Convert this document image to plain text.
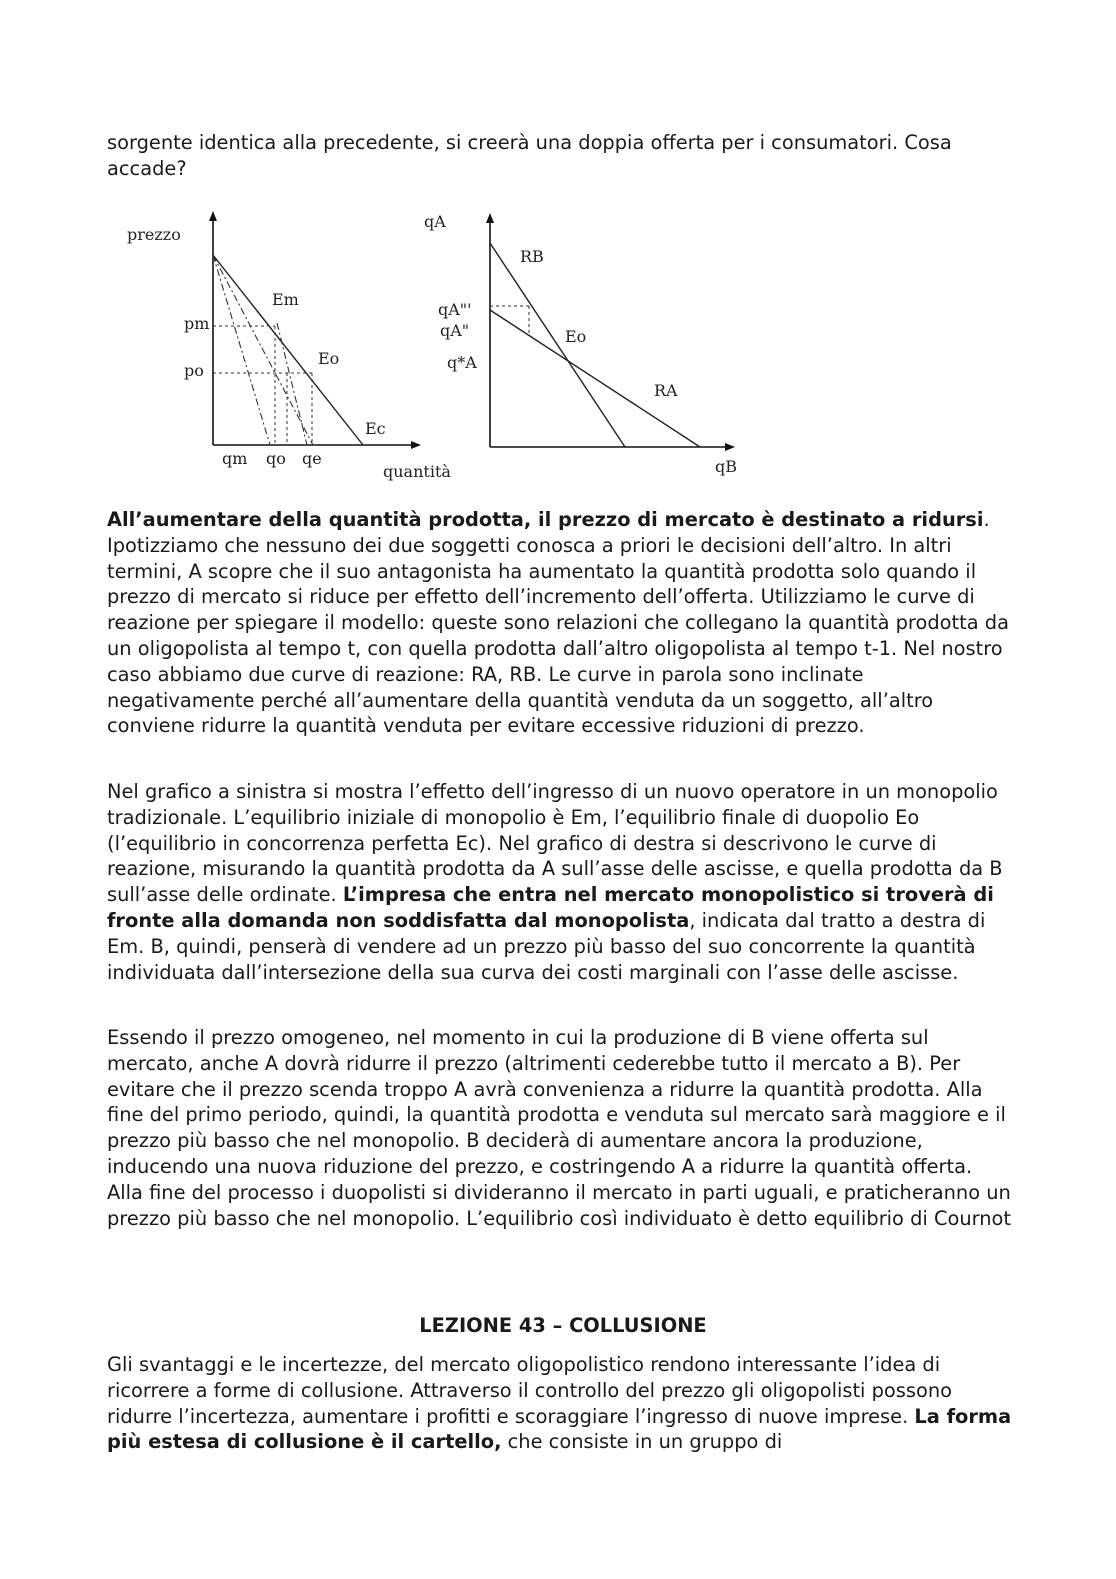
sorgente identica alla precedente, si creerà una doppia offerta per i consumatori. Cosa accade?

prezzo
quantità
pm
po
qm qo qe
Em
Eo
Ec
qA
qB
qA"'
qA"
q*A
RB
Eo
RA

All’aumentare della quantità prodotta, il prezzo di mercato è destinato a ridursi. Ipotizziamo che nessuno dei due soggetti conosca a priori le decisioni dell’altro. In altri termini, A scopre che il suo antagonista ha aumentato la quantità prodotta solo quando il prezzo di mercato si riduce per effetto dell’incremento dell’offerta. Utilizziamo le curve di reazione per spiegare il modello: queste sono relazioni che collegano la quantità prodotta da un oligopolista al tempo t, con quella prodotta dall’altro oligopolista al tempo t-1. Nel nostro caso abbiamo due curve di reazione: RA, RB. Le curve in parola sono inclinate negativamente perché all’aumentare della quantità venduta da un soggetto, all’altro conviene ridurre la quantità venduta per evitare eccessive riduzioni di prezzo.

Nel grafico a sinistra si mostra l’effetto dell’ingresso di un nuovo operatore in un monopolio tradizionale. L’equilibrio iniziale di monopolio è Em, l’equilibrio finale di duopolio Eo (l’equilibrio in concorrenza perfetta Ec). Nel grafico di destra si descrivono le curve di reazione, misurando la quantità prodotta da A sull’asse delle ascisse, e quella prodotta da B sull’asse delle ordinate. L’impresa che entra nel mercato monopolistico si troverà di fronte alla domanda non soddisfatta dal monopolista, indicata dal tratto a destra di Em. B, quindi, penserà di vendere ad un prezzo più basso del suo concorrente la quantità individuata dall’intersezione della sua curva dei costi marginali con l’asse delle ascisse.

Essendo il prezzo omogeneo, nel momento in cui la produzione di B viene offerta sul mercato, anche A dovrà ridurre il prezzo (altrimenti cederebbe tutto il mercato a B). Per evitare che il prezzo scenda troppo A avrà convenienza a ridurre la quantità prodotta. Alla fine del primo periodo, quindi, la quantità prodotta e venduta sul mercato sarà maggiore e il prezzo più basso che nel monopolio. B deciderà di aumentare ancora la produzione, inducendo una nuova riduzione del prezzo, e costringendo A a ridurre la quantità offerta. Alla fine del processo i duopolisti si divideranno il mercato in parti uguali, e praticheranno un prezzo più basso che nel monopolio. L’equilibrio così individuato è detto equilibrio di Cournot

LEZIONE 43 – COLLUSIONE

Gli svantaggi e le incertezze, del mercato oligopolistico rendono interessante l’idea di ricorrere a forme di collusione. Attraverso il controllo del prezzo gli oligopolisti possono ridurre l’incertezza, aumentare i profitti e scoraggiare l’ingresso di nuove imprese. La forma più estesa di collusione è il cartello, che consiste in un gruppo di
